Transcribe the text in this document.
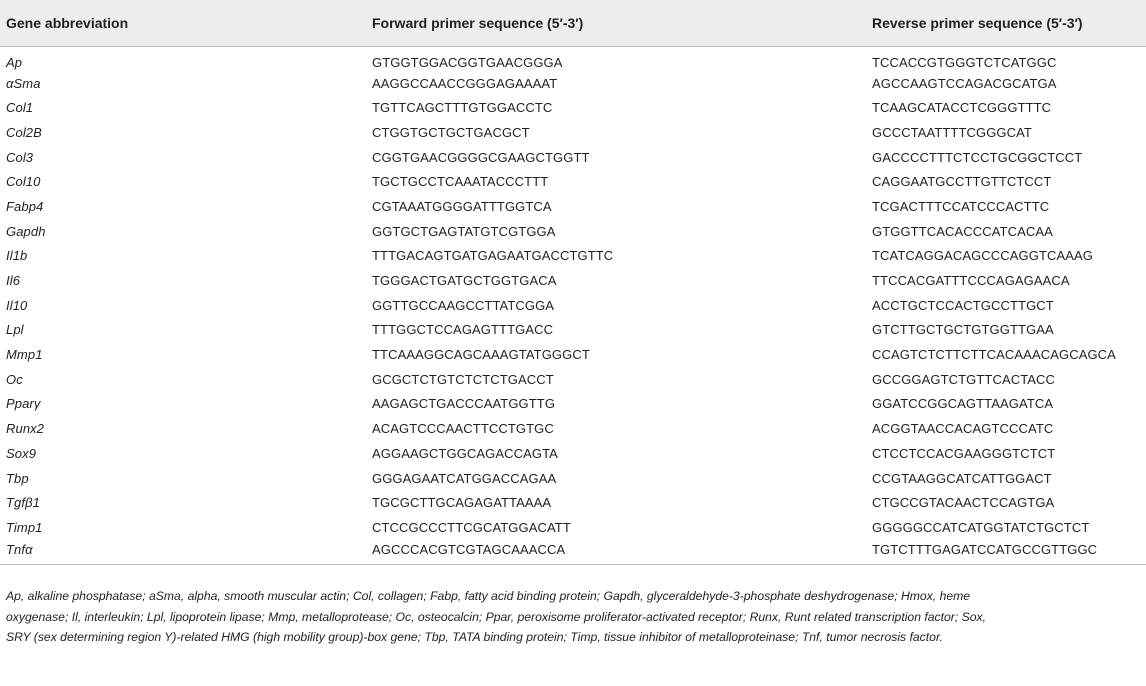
Gene abbreviation	Forward primer sequence (5′-3′)	Reverse primer sequence (5′-3′)
Ap	GTGGTGGACGGTGAACGGGA	TCCACCGTGGGTCTCATGGC
αSma	AAGGCCAACCGGGAGAAAAT	AGCCAAGTCCAGACGCATGA
Col1	TGTTCAGCTTTGTGGACCTC	TCAAGCATACCTCGGGTTTC
Col2B	CTGGTGCTGCTGACGCT	GCCCTAATTTTCGGGCAT
Col3	CGGTGAACGGGGCGAAGCTGGTT	GACCCCTTTCTCCTGCGGCTCCT
Col10	TGCTGCCTCAAATACCCTTT	CAGGAATGCCTTGTTCTCCT
Fabp4	CGTAAATGGGGATTTGGTCA	TCGACTTTCCATCCCACTTC
Gapdh	GGTGCTGAGTATGTCGTGGA	GTGGTTCACACCCATCACAA
Il1b	TTTGACAGTGATGAGAATGACCTGTTC	TCATCAGGACAGCCCAGGTCAAAG
Il6	TGGGACTGATGCTGGTGACA	TTCCACGATTTCCCAGAGAACA
Il10	GGTTGCCAAGCCTTATCGGA	ACCTGCTCCACTGCCTTGCT
Lpl	TTTGGCTCCAGAGTTTGACC	GTCTTGCTGCTGTGGTTGAA
Mmp1	TTCAAAGGCAGCAAAGTATGGGCT	CCAGTCTCTTCTTCACAAACAGCAGCA
Oc	GCGCTCTGTCTCTCTGACCT	GCCGGAGTCTGTTCACTACC
Pparγ	AAGAGCTGACCCAATGGTTG	GGATCCGGCAGTTAAGATCA
Runx2	ACAGTCCCAACTTCCTGTGC	ACGGTAACCACAGTCCCATC
Sox9	AGGAAGCTGGCAGACCAGTA	CTCCTCCACGAAGGGTCTCT
Tbp	GGGAGAATCATGGACCAGAA	CCGTAAGGCATCATTGGACT
Tgfβ1	TGCGCTTGCAGAGATTAAAA	CTGCCGTACAACTCCAGTGA
Timp1	CTCCGCCCTTCGCATGGACATT	GGGGGCCATCATGGTATCTGCTCT
Tnfα	AGCCCACGTCGTAGCAAACCA	TGTCTTTGAGATCCATGCCGTTGGC
Ap, alkaline phosphatase; aSma, alpha, smooth muscular actin; Col, collagen; Fabp, fatty acid binding protein; Gapdh, glyceraldehyde-3-phosphate deshydrogenase; Hmox, heme
oxygenase; Il, interleukin; Lpl, lipoprotein lipase; Mmp, metalloprotease; Oc, osteocalcin; Ppar, peroxisome proliferator-activated receptor; Runx, Runt related transcription factor; Sox,
SRY (sex determining region Y)-related HMG (high mobility group)-box gene; Tbp, TATA binding protein; Timp, tissue inhibitor of metalloproteinase; Tnf, tumor necrosis factor.
